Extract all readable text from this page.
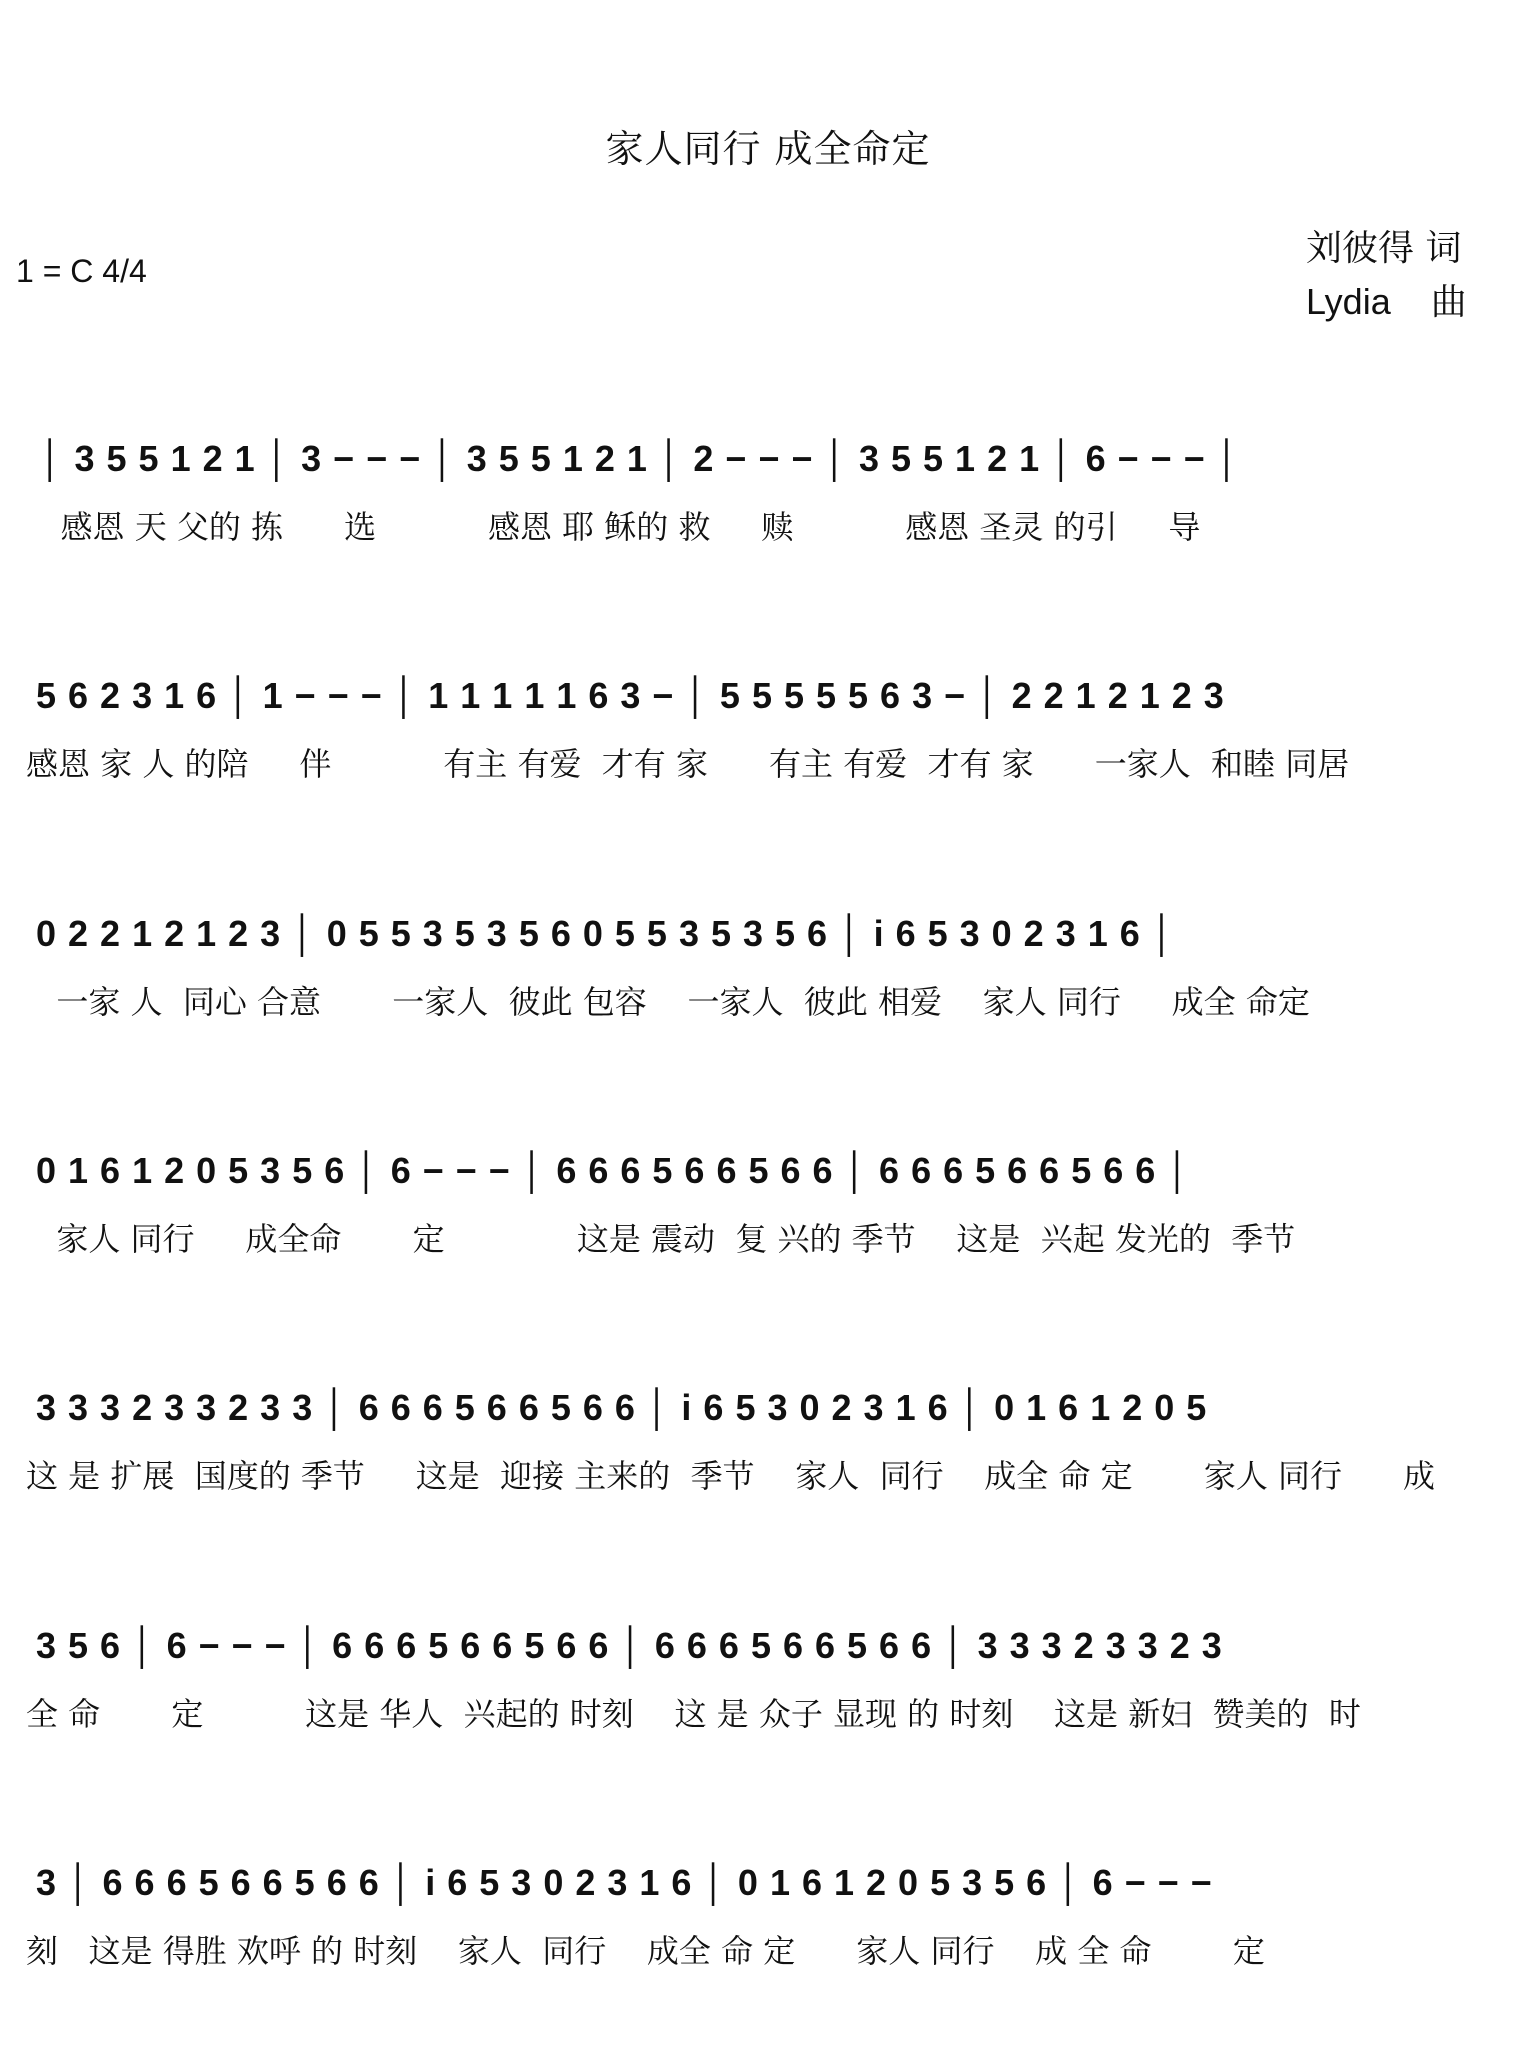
家人同行 成全命定
1 = C 4/4
刘彼得 词
Lydia 曲
│ 3 5 5 1 2 1 │ 3 − − − │ 3 5 5 1 2 1 │ 2 − − − │ 3 5 5 1 2 1 │ 6 − − − │
感恩 天 父的 拣      选           感恩 耶 稣的 救     赎           感恩 圣灵 的引     导
5 6 2 3 1 6 │ 1 − − − │ 1 1 1 1 1 6 3 − │ 5 5 5 5 5 6 3 − │ 2 2 1 2 1 2 3
感恩 家 人 的陪     伴           有主 有爱  才有 家      有主 有爱  才有 家      一家人  和睦 同居
0 2 2 1 2 1 2 3 │ 0 5 5 3 5 3 5 6 0 5 5 3 5 3 5 6 │ i 6 5 3 0 2 3 1 6 │
一家 人  同心 合意       一家人  彼此 包容    一家人  彼此 相爱    家人 同行     成全 命定
0 1 6 1 2 0 5 3 5 6 │ 6 − − − │ 6 6 6 5 6 6 5 6 6 │ 6 6 6 5 6 6 5 6 6 │
家人 同行     成全命       定             这是 震动  复 兴的 季节    这是  兴起 发光的  季节
3 3 3 2 3 3 2 3 3 │ 6 6 6 5 6 6 5 6 6 │ i 6 5 3 0 2 3 1 6 │ 0 1 6 1 2 0 5
这 是 扩展  国度的 季节     这是  迎接 主来的  季节    家人  同行    成全 命 定       家人 同行      成
3 5 6 │ 6 − − − │ 6 6 6 5 6 6 5 6 6 │ 6 6 6 5 6 6 5 6 6 │ 3 3 3 2 3 3 2 3
全 命       定          这是 华人  兴起的 时刻    这 是 众子 显现 的 时刻    这是 新妇  赞美的  时
3 │ 6 6 6 5 6 6 5 6 6 │ i 6 5 3 0 2 3 1 6 │ 0 1 6 1 2 0 5 3 5 6 │ 6 − − −
刻   这是 得胜 欢呼 的 时刻    家人  同行    成全 命 定      家人 同行    成 全 命        定
